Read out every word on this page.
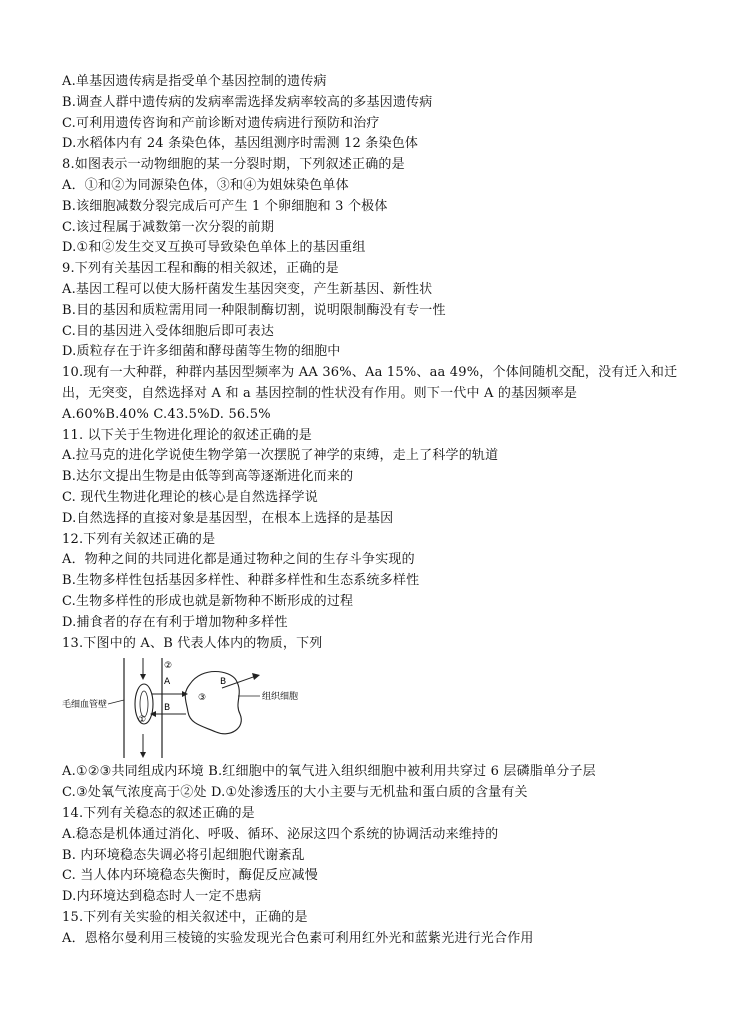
A.单基因遗传病是指受单个基因控制的遗传病
B.调查人群中遗传病的发病率需选择发病率较高的多基因遗传病
C.可利用遗传咨询和产前诊断对遗传病进行预防和治疗
D.水稻体内有 24 条染色体，基因组测序时需测 12 条染色体
8.如图表示一动物细胞的某一分裂时期，下列叙述正确的是
A．①和②为同源染色体，③和④为姐妹染色单体
B.该细胞减数分裂完成后可产生 1 个卵细胞和 3 个极体
C.该过程属于减数第一次分裂的前期
D.①和②发生交叉互换可导致染色单体上的基因重组
9.下列有关基因工程和酶的相关叙述，正确的是
A.基因工程可以使大肠杆菌发生基因突变，产生新基因、新性状
B.目的基因和质粒需用同一种限制酶切割，说明限制酶没有专一性
C.目的基因进入受体细胞后即可表达
D.质粒存在于许多细菌和酵母菌等生物的细胞中
10.现有一大种群，种群内基因型频率为 AA 36%、Aa 15%、aa 49%，个体间随机交配，没有迁入和迁出，无突变，自然选择对 A 和 a 基因控制的性状没有作用。则下一代中 A 的基因频率是
A.60%B.40% C.43.5%D. 56.5%
11. 以下关于生物进化理论的叙述正确的是
A.拉马克的进化学说使生物学第一次摆脱了神学的束缚，走上了科学的轨道
B.达尔文提出生物是由低等到高等逐渐进化而来的
C. 现代生物进化理论的核心是自然选择学说
D.自然选择的直接对象是基因型，在根本上选择的是基因
12.下列有关叙述正确的是
A．物种之间的共同进化都是通过物种之间的生存斗争实现的
B.生物多样性包括基因多样性、种群多样性和生态系统多样性
C.生物多样性的形成也就是新物种不断形成的过程
D.捕食者的存在有利于增加物种多样性
13.下图中的 A、B 代表人体内的物质，下列
②
A
B
①
③
B
组织细胞
毛细血管壁
A.①②③共同组成内环境 B.红细胞中的氧气进入组织细胞中被利用共穿过 6 层磷脂单分子层
C.③处氧气浓度高于②处 D.①处渗透压的大小主要与无机盐和蛋白质的含量有关
14.下列有关稳态的叙述正确的是
A.稳态是机体通过消化、呼吸、循环、泌尿这四个系统的协调活动来维持的
B. 内环境稳态失调必将引起细胞代谢紊乱
C. 当人体内环境稳态失衡时，酶促反应减慢
D.内环境达到稳态时人一定不患病
15.下列有关实验的相关叙述中，正确的是
A．恩格尔曼利用三棱镜的实验发现光合色素可利用红外光和蓝紫光进行光合作用
